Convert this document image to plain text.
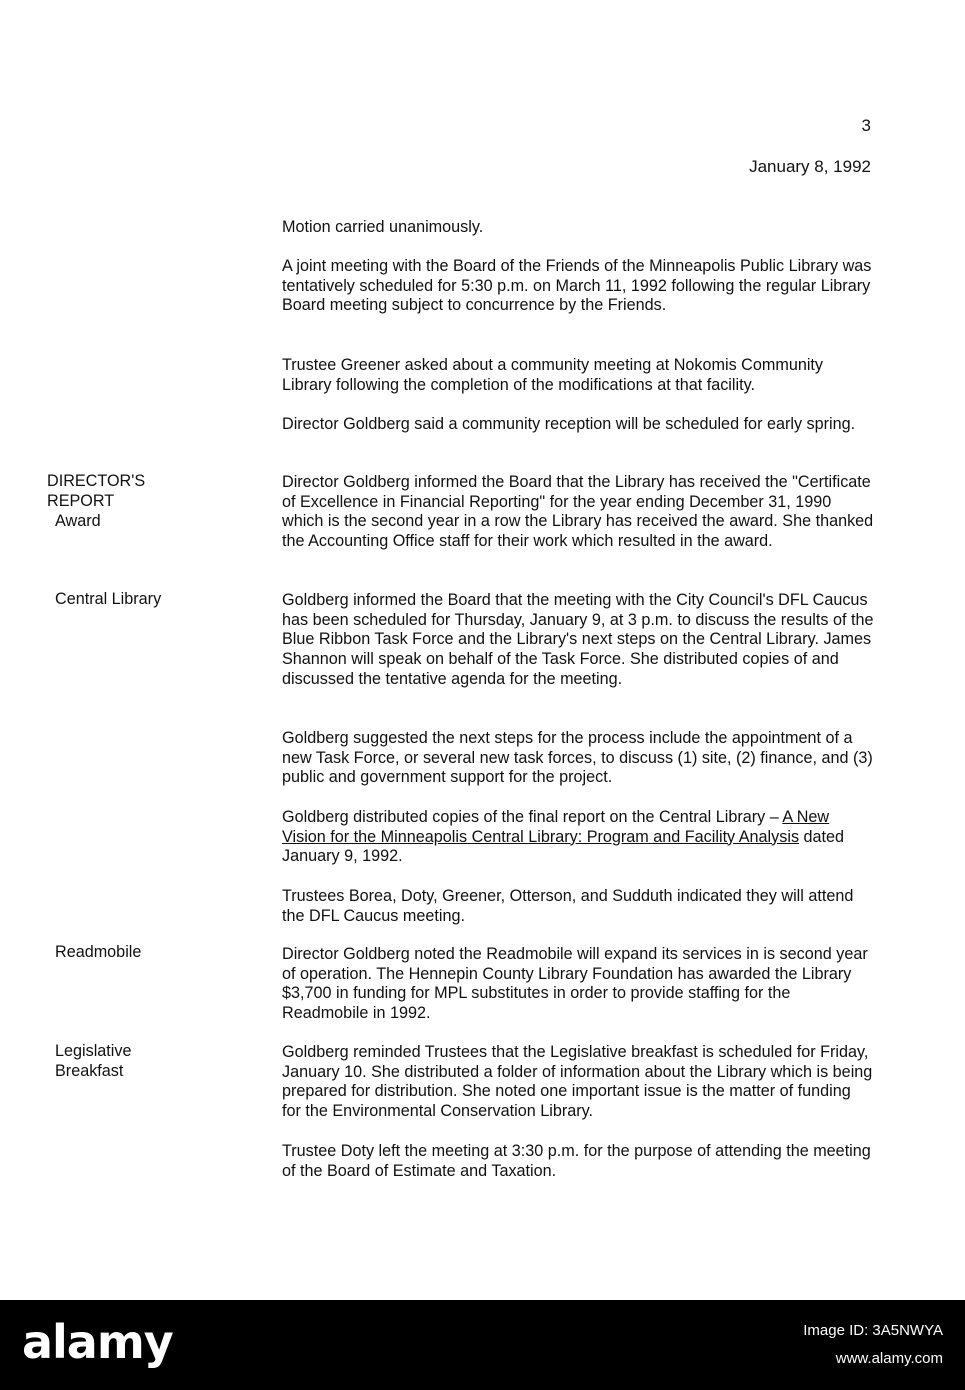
3
January 8, 1992
DIRECTOR'S
REPORT
Award
Central Library
Readmobile
Legislative
Breakfast

Motion carried unanimously.

A joint meeting with the Board of the Friends of the Minneapolis Public Library was tentatively scheduled for 5:30 p.m. on March 11, 1992 following the regular Library Board meeting subject to concurrence by the Friends.

Trustee Greener asked about a community meeting at Nokomis Community Library following the completion of the modifications at that facility.

Director Goldberg said a community reception will be scheduled for early spring.

Director Goldberg informed the Board that the Library has received the "Certificate of Excellence in Financial Reporting" for the year ending December 31, 1990 which is the second year in a row the Library has received the award. She thanked the Accounting Office staff for their work which resulted in the award.

Goldberg informed the Board that the meeting with the City Council's DFL Caucus has been scheduled for Thursday, January 9, at 3 p.m. to discuss the results of the Blue Ribbon Task Force and the Library's next steps on the Central Library. James Shannon will speak on behalf of the Task Force. She distributed copies of and discussed the tentative agenda for the meeting.

Goldberg suggested the next steps for the process include the appointment of a new Task Force, or several new task forces, to discuss (1) site, (2) finance, and (3) public and government support for the project.

Goldberg distributed copies of the final report on the Central Library – A New Vision for the Minneapolis Central Library: Program and Facility Analysis dated January 9, 1992.

Trustees Borea, Doty, Greener, Otterson, and Sudduth indicated they will attend the DFL Caucus meeting.

Director Goldberg noted the Readmobile will expand its services in is second year of operation. The Hennepin County Library Foundation has awarded the Library $3,700 in funding for MPL substitutes in order to provide staffing for the Readmobile in 1992.

Goldberg reminded Trustees that the Legislative breakfast is scheduled for Friday, January 10. She distributed a folder of information about the Library which is being prepared for distribution. She noted one important issue is the matter of funding for the Environmental Conservation Library.

Trustee Doty left the meeting at 3:30 p.m. for the purpose of attending the meeting of the Board of Estimate and Taxation.

alamy	Image ID: 3A5NWYA
www.alamy.com
